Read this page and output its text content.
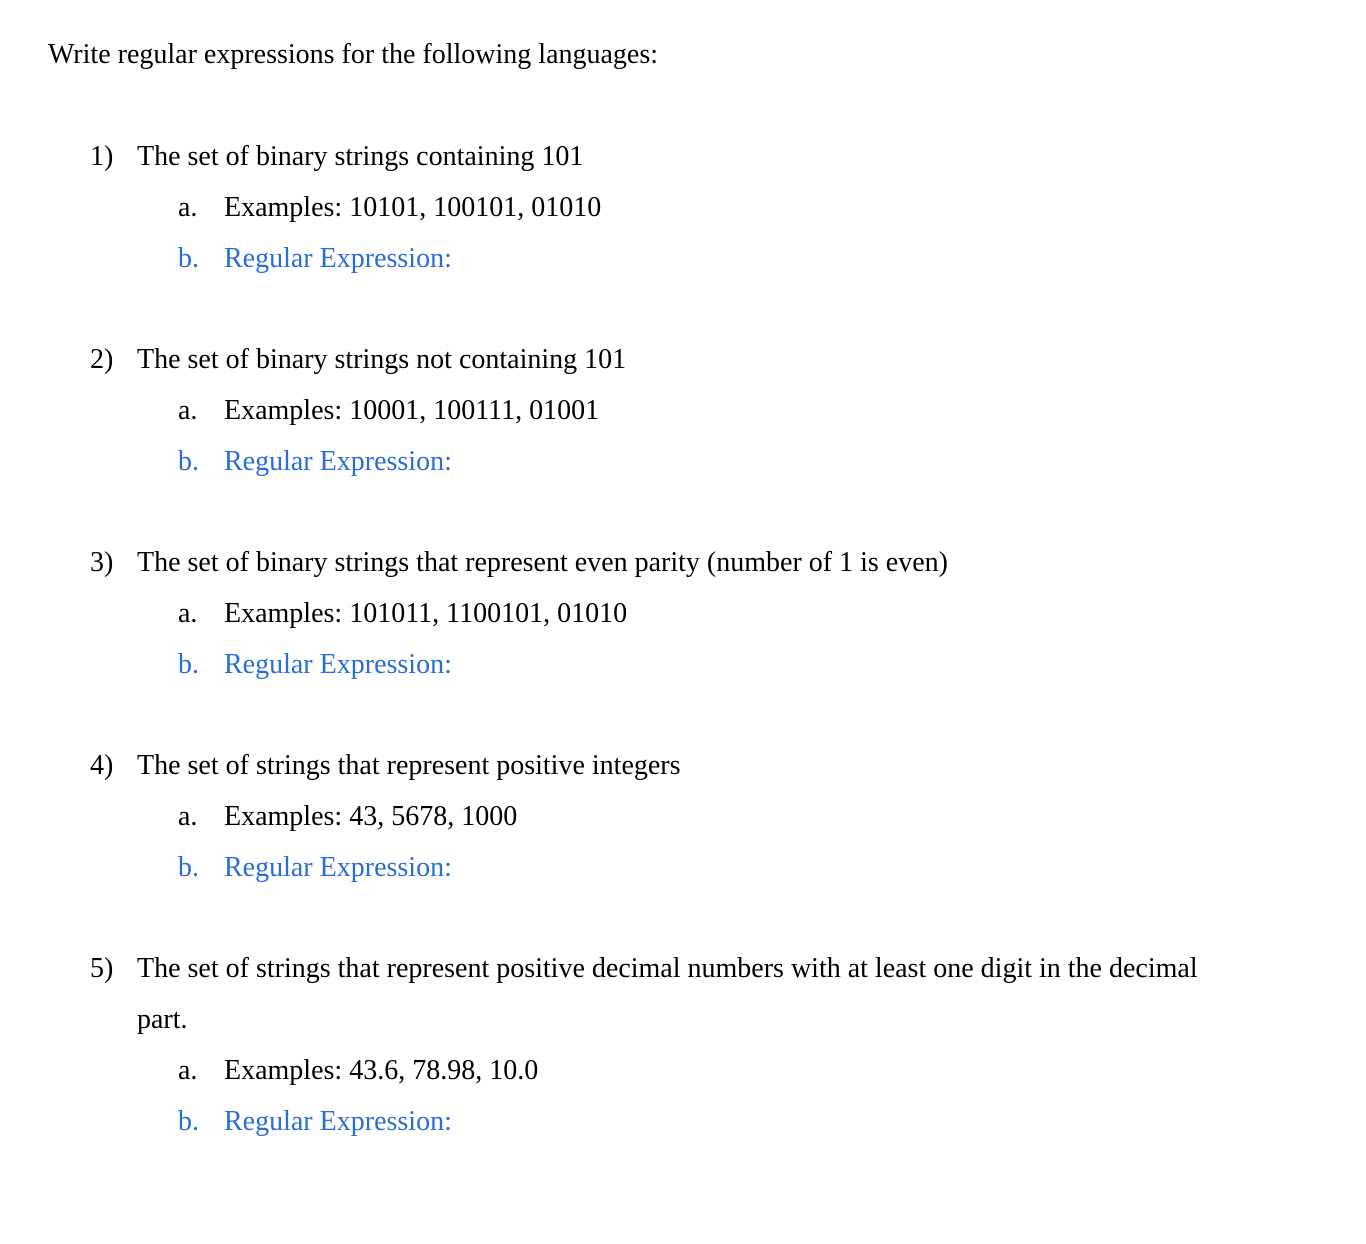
Write regular expressions for the following languages:
1) The set of binary strings containing 101
a. Examples: 10101, 100101, 01010
b. Regular Expression:
2) The set of binary strings not containing 101
a. Examples: 10001, 100111, 01001
b. Regular Expression:
3) The set of binary strings that represent even parity (number of 1 is even)
a. Examples: 101011, 1100101, 01010
b. Regular Expression:
4) The set of strings that represent positive integers
a. Examples: 43, 5678, 1000
b. Regular Expression:
5) The set of strings that represent positive decimal numbers with at least one digit in the decimal
part.
a. Examples: 43.6, 78.98, 10.0
b. Regular Expression:
